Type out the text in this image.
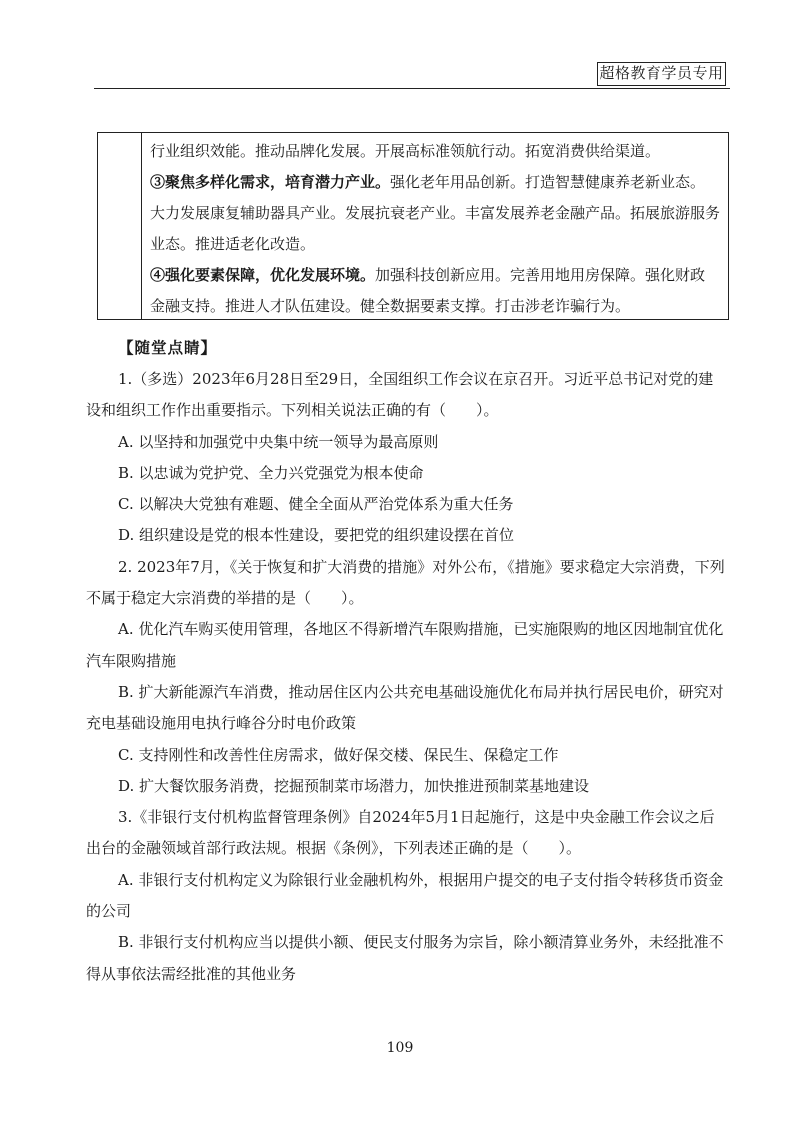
超格教育学员专用

行业组织效能。推动品牌化发展。开展高标准领航行动。拓宽消费供给渠道。

③聚焦多样化需求，培育潜力产业。强化老年用品创新。打造智慧健康养老新业态。大力发展康复辅助器具产业。发展抗衰老产业。丰富发展养老金融产品。拓展旅游服务业态。推进适老化改造。

④强化要素保障，优化发展环境。加强科技创新应用。完善用地用房保障。强化财政金融支持。推进人才队伍建设。健全数据要素支撑。打击涉老诈骗行为。

【随堂点睛】

1.（多选）2023年6月28日至29日，全国组织工作会议在京召开。习近平总书记对党的建设和组织工作作出重要指示。下列相关说法正确的有（　　）。

A. 以坚持和加强党中央集中统一领导为最高原则

B. 以忠诚为党护党、全力兴党强党为根本使命

C. 以解决大党独有难题、健全全面从严治党体系为重大任务

D. 组织建设是党的根本性建设，要把党的组织建设摆在首位

2. 2023年7月，《关于恢复和扩大消费的措施》对外公布，《措施》要求稳定大宗消费，下列不属于稳定大宗消费的举措的是（　　）。

A. 优化汽车购买使用管理，各地区不得新增汽车限购措施，已实施限购的地区因地制宜优化汽车限购措施

B. 扩大新能源汽车消费，推动居住区内公共充电基础设施优化布局并执行居民电价，研究对充电基础设施用电执行峰谷分时电价政策

C. 支持刚性和改善性住房需求，做好保交楼、保民生、保稳定工作

D. 扩大餐饮服务消费，挖掘预制菜市场潜力，加快推进预制菜基地建设

3.《非银行支付机构监督管理条例》自2024年5月1日起施行，这是中央金融工作会议之后出台的金融领域首部行政法规。根据《条例》，下列表述正确的是（　　）。

A. 非银行支付机构定义为除银行业金融机构外，根据用户提交的电子支付指令转移货币资金的公司

B. 非银行支付机构应当以提供小额、便民支付服务为宗旨，除小额清算业务外，未经批准不得从事依法需经批准的其他业务

109
